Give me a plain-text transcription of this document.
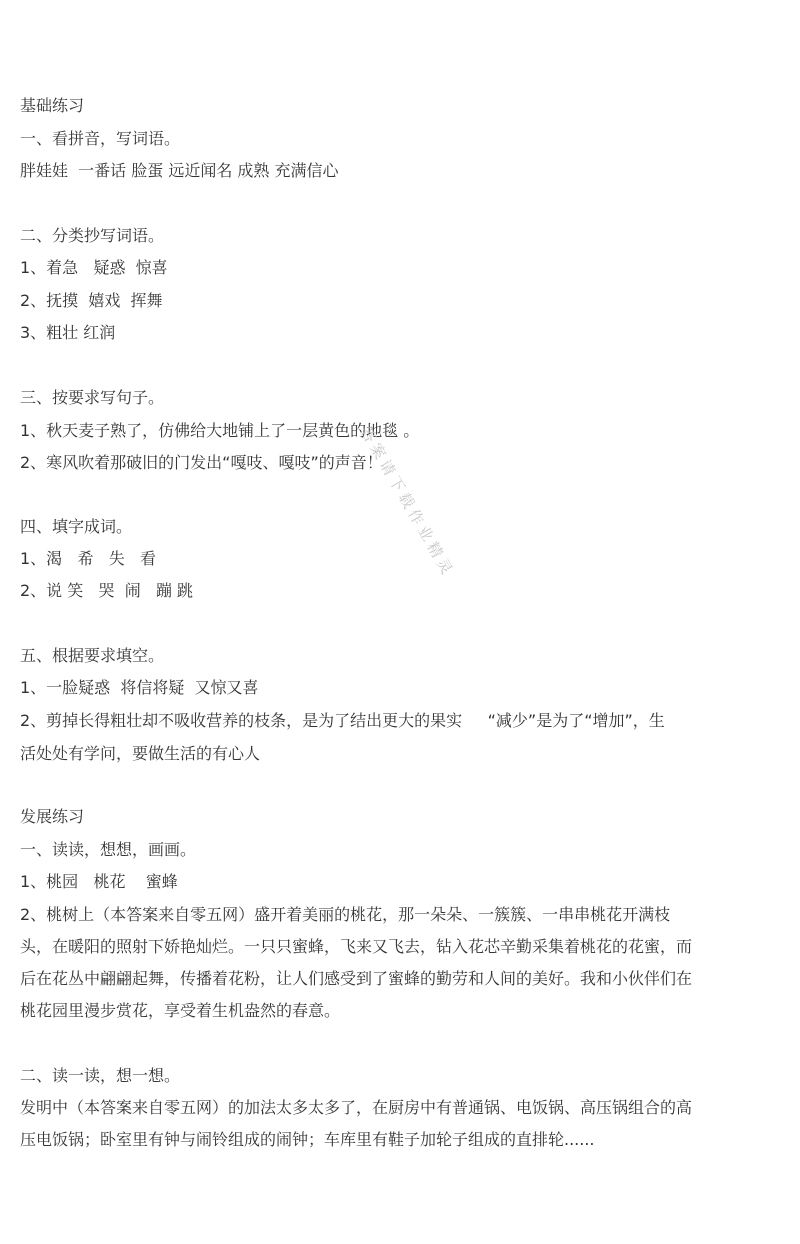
基础练习
一、看拼音，写词语。
胖娃娃  一番话 脸蛋 远近闻名 成熟 充满信心
二、分类抄写词语。
1、着急   疑惑  惊喜
2、抚摸  嬉戏  挥舞
3、粗壮 红润
三、按要求写句子。
1、秋天麦子熟了，仿佛给大地铺上了一层黄色的地毯 。
2、寒风吹着那破旧的门发出“嘎吱、嘎吱”的声音！
四、填字成词。
1、渴   希   失   看
2、说 笑   哭  闹   蹦 跳
五、根据要求填空。
1、一脸疑惑  将信将疑  又惊又喜
2、剪掉长得粗壮却不吸收营养的枝条，是为了结出更大的果实     “减少”是为了“增加”，生
活处处有学问，要做生活的有心人
发展练习
一、读读，想想，画画。
1、桃园   桃花    蜜蜂
2、桃树上（本答案来自零五网）盛开着美丽的桃花，那一朵朵、一簇簇、一串串桃花开满枝
头，在暖阳的照射下娇艳灿烂。一只只蜜蜂，飞来又飞去，钻入花芯辛勤采集着桃花的花蜜，而
后在花丛中翩翩起舞，传播着花粉，让人们感受到了蜜蜂的勤劳和人间的美好。我和小伙伴们在
桃花园里漫步赏花，享受着生机盎然的春意。
二、读一读，想一想。
发明中（本答案来自零五网）的加法太多太多了，在厨房中有普通锅、电饭锅、高压锅组合的高
压电饭锅；卧室里有钟与闹铃组成的闹钟；车库里有鞋子加轮子组成的直排轮......
答案请下载作业精灵
